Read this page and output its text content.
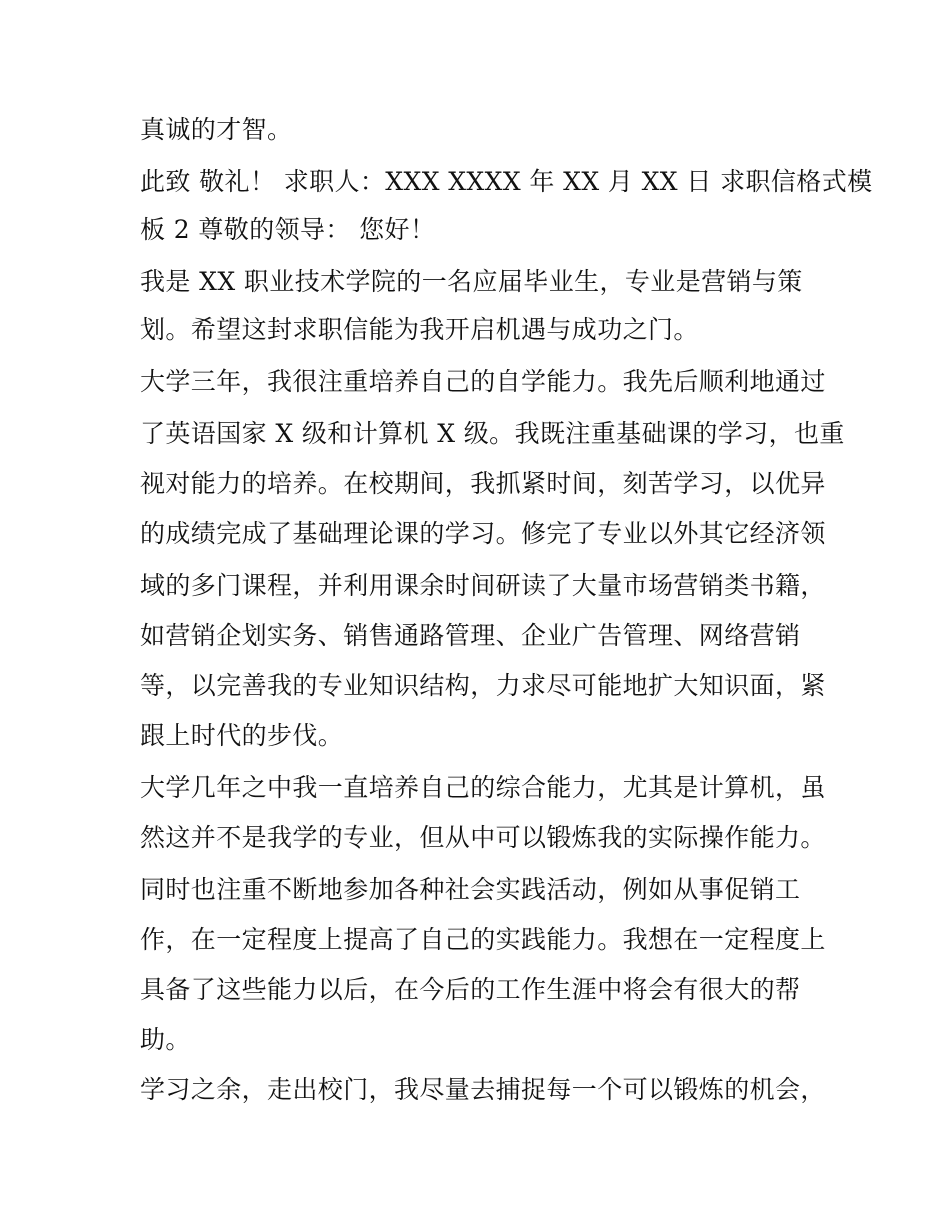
真诚的才智。
此致 敬礼！ 求职人：XXX XXXX 年 XX 月 XX 日 求职信格式模
板 2 尊敬的领导： 您好！
我是 XX 职业技术学院的一名应届毕业生，专业是营销与策
划。希望这封求职信能为我开启机遇与成功之门。
大学三年，我很注重培养自己的自学能力。我先后顺利地通过
了英语国家 X 级和计算机 X 级。我既注重基础课的学习，也重
视对能力的培养。在校期间，我抓紧时间，刻苦学习，以优异
的成绩完成了基础理论课的学习。修完了专业以外其它经济领
域的多门课程，并利用课余时间研读了大量市场营销类书籍，
如营销企划实务、销售通路管理、企业广告管理、网络营销
等，以完善我的专业知识结构，力求尽可能地扩大知识面，紧
跟上时代的步伐。
大学几年之中我一直培养自己的综合能力，尤其是计算机，虽
然这并不是我学的专业，但从中可以锻炼我的实际操作能力。
同时也注重不断地参加各种社会实践活动，例如从事促销工
作，在一定程度上提高了自己的实践能力。我想在一定程度上
具备了这些能力以后，在今后的工作生涯中将会有很大的帮
助。
学习之余，走出校门，我尽量去捕捉每一个可以锻炼的机会，
